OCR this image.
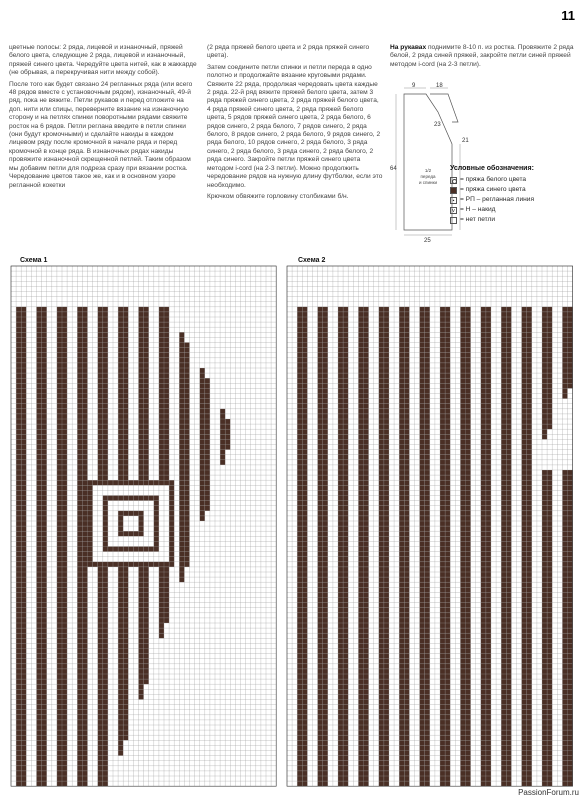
11

цветные полосы: 2 ряда, лицевой и изнаночный, пряжей белого цвета, следующие 2 ряда, лицевой и изнаночный, пряжей синего цвета. Чередуйте цвета нитей, как в жаккарде (не обрывая, а перекручивая нити между собой).

После того как будет связано 24 регланных ряда (или всего 48 рядов вместе с установочным рядом), изнаночный, 49-й ряд, пока не вяжите. Петли рукавов и перед отложите на доп. нити или спицы, переверните вязание на изнаночную сторону и на петлях спинки поворотными рядами свяжите росток на 6 рядов. Петли реглана введите в петли спинки (они будут кромочными) и сделайте накиды в каждом лицевом ряду после кромочной в начале ряда и перед кромочной в конце ряда. В изнаночных рядах накиды провяжите изнаночной скрещенной петлей. Таким образом мы добавим петли для подреза сразу при вязании ростка. Чередование цветов такое же, как и в основном узоре регланной кокетки

(2 ряда пряжей белого цвета и 2 ряда пряжей синего цвета).

Затем соедините петли спинки и петли переда в одно полотно и продолжайте вязание круговыми рядами. Свяжите 22 ряда, продолжая чередовать цвета каждые 2 ряда. 22-й ряд вяжите пряжей белого цвета, затем 3 ряда пряжей синего цвета, 2 ряда пряжей белого цвета, 4 ряда пряжей синего цвета, 2 ряда пряжей белого цвета, 5 рядов пряжей синего цвета, 2 ряда белого, 6 рядов синего, 2 ряда белого, 7 рядов синего, 2 ряда белого, 8 рядов синего, 2 ряда белого, 9 рядов синего, 2 ряда белого, 10 рядов синего, 2 ряда белого, 3 ряда синего, 2 ряда белого, 3 ряда синего, 2 ряда белого, 2 ряда синего. Закройте петли пряжей синего цвета методом i-cord (на 2-3 петли). Можно продолжить чередование рядов на нужную длину футболки, если это необходимо.

Крючком обвяжите горловину столбиками б/н.

На рукавах поднимите 8-10 п. из ростка. Провяжите 2 ряда белой, 2 ряда синей пряжей, закройте петли синей пряжей методом i-cord (на 2-3 петли).

9	18
23
21
64
25
1/2
переда
и спинки
Условные обозначения:
= пряжа белого цвета
= пряжа синего цвета
▪ = РП – регланная линия
v = Н – накид
= нет петли
Схема 1	Схема 2
PassionForum.ru
